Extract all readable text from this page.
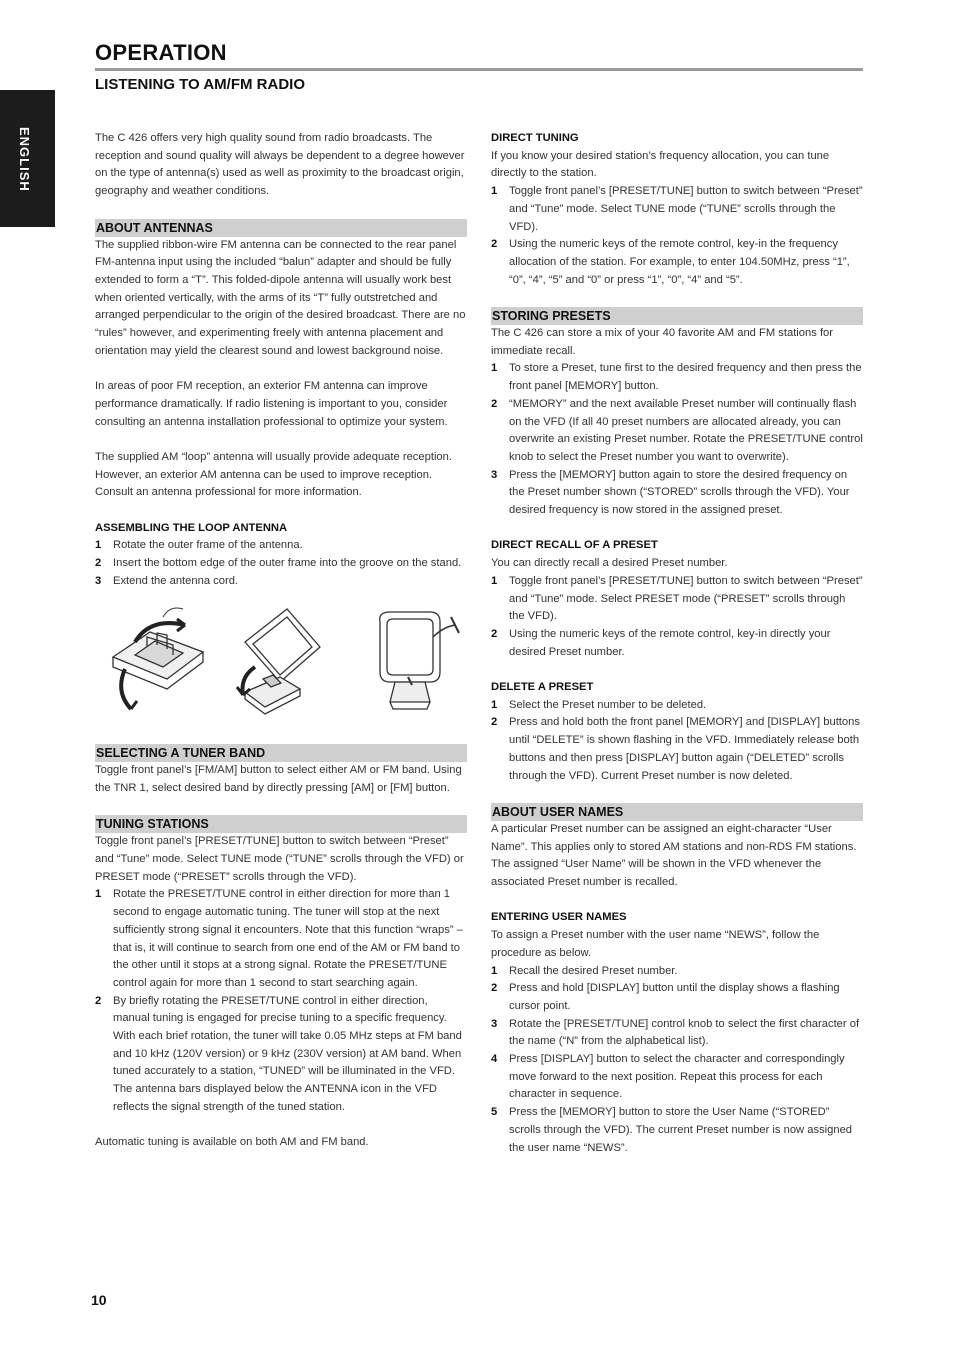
ENGLISH
OPERATION
LISTENING TO AM/FM RADIO

The C 426 offers very high quality sound from radio broadcasts. The reception and sound quality will always be dependent to a degree however on the type of antenna(s) used as well as proximity to the broadcast origin, geography and weather conditions.

ABOUT ANTENNAS

The supplied ribbon-wire FM antenna can be connected to the rear panel FM-antenna input using the included “balun” adapter and should be fully extended to form a “T”. This folded-dipole antenna will usually work best when oriented vertically, with the arms of its “T” fully outstretched and arranged perpendicular to the origin of the desired broadcast. There are no “rules” however, and experimenting freely with antenna placement and orientation may yield the clearest sound and lowest background noise.

In areas of poor FM reception, an exterior FM antenna can improve performance dramatically. If radio listening is important to you, consider consulting an antenna installation professional to optimize your system.

The supplied AM “loop” antenna will usually provide adequate reception. However, an exterior AM antenna can be used to improve reception. Consult an antenna professional for more information.

ASSEMBLING THE LOOP ANTENNA
1 Rotate the outer frame of the antenna.
2 Insert the bottom edge of the outer frame into the groove on the stand.
3 Extend the antenna cord.
SELECTING A TUNER BAND

Toggle front panel’s [FM/AM] button to select either AM or FM band. Using the TNR 1, select desired band by directly pressing [AM] or [FM] button.

TUNING STATIONS

Toggle front panel’s [PRESET/TUNE] button to switch between “Preset” and “Tune” mode. Select TUNE mode (“TUNE” scrolls through the VFD) or PRESET mode (“PRESET” scrolls through the VFD).

1 Rotate the PRESET/TUNE control in either direction for more than 1 second to engage automatic tuning. The tuner will stop at the next sufficiently strong signal it encounters. Note that this function “wraps” – that is, it will continue to search from one end of the AM or FM band to the other until it stops at a strong signal. Rotate the PRESET/TUNE control again for more than 1 second to start searching again.
2 By briefly rotating the PRESET/TUNE control in either direction, manual tuning is engaged for precise tuning to a specific frequency. With each brief rotation, the tuner will take 0.05 MHz steps at FM band and 10 kHz (120V version) or 9 kHz (230V version) at AM band. When tuned accurately to a station, “TUNED” will be illuminated in the VFD. The antenna bars displayed below the ANTENNA icon in the VFD reflects the signal strength of the tuned station.

Automatic tuning is available on both AM and FM band.

DIRECT TUNING

If you know your desired station’s frequency allocation, you can tune directly to the station.

1 Toggle front panel’s [PRESET/TUNE] button to switch between “Preset” and “Tune” mode. Select TUNE mode (“TUNE” scrolls through the VFD).
2 Using the numeric keys of the remote control, key-in the frequency allocation of the station. For example, to enter 104.50MHz, press “1”, “0”, “4”, “5” and “0” or press “1”, “0”, “4” and “5”.
STORING PRESETS

The C 426 can store a mix of your 40 favorite AM and FM stations for immediate recall.

1 To store a Preset, tune first to the desired frequency and then press the front panel [MEMORY] button.
2 “MEMORY” and the next available Preset number will continually flash on the VFD (If all 40 preset numbers are allocated already, you can overwrite an existing Preset number. Rotate the PRESET/TUNE control knob to select the Preset number you want to overwrite).
3 Press the [MEMORY] button again to store the desired frequency on the Preset number shown (“STORED” scrolls through the VFD). Your desired frequency is now stored in the assigned preset.
DIRECT RECALL OF A PRESET

You can directly recall a desired Preset number.

1 Toggle front panel’s [PRESET/TUNE] button to switch between “Preset” and “Tune” mode. Select PRESET mode (“PRESET” scrolls through the VFD).
2 Using the numeric keys of the remote control, key-in directly your desired Preset number.
DELETE A PRESET
1 Select the Preset number to be deleted.
2 Press and hold both the front panel [MEMORY] and [DISPLAY] buttons until “DELETE” is shown flashing in the VFD. Immediately release both buttons and then press [DISPLAY] button again (“DELETED” scrolls through the VFD). Current Preset number is now deleted.
ABOUT USER NAMES

A particular Preset number can be assigned an eight-character “User Name”. This applies only to stored AM stations and non-RDS FM stations. The assigned “User Name” will be shown in the VFD whenever the associated Preset number is recalled.

ENTERING USER NAMES

To assign a Preset number with the user name “NEWS”, follow the procedure as below.

1 Recall the desired Preset number.
2 Press and hold [DISPLAY] button until the display shows a flashing cursor point.
3 Rotate the [PRESET/TUNE] control knob to select the first character of the name (“N” from the alphabetical list).
4 Press [DISPLAY] button to select the character and correspondingly move forward to the next position. Repeat this process for each character in sequence.
5 Press the [MEMORY] button to store the User Name (“STORED” scrolls through the VFD). The current Preset number is now assigned the user name “NEWS”.
10
